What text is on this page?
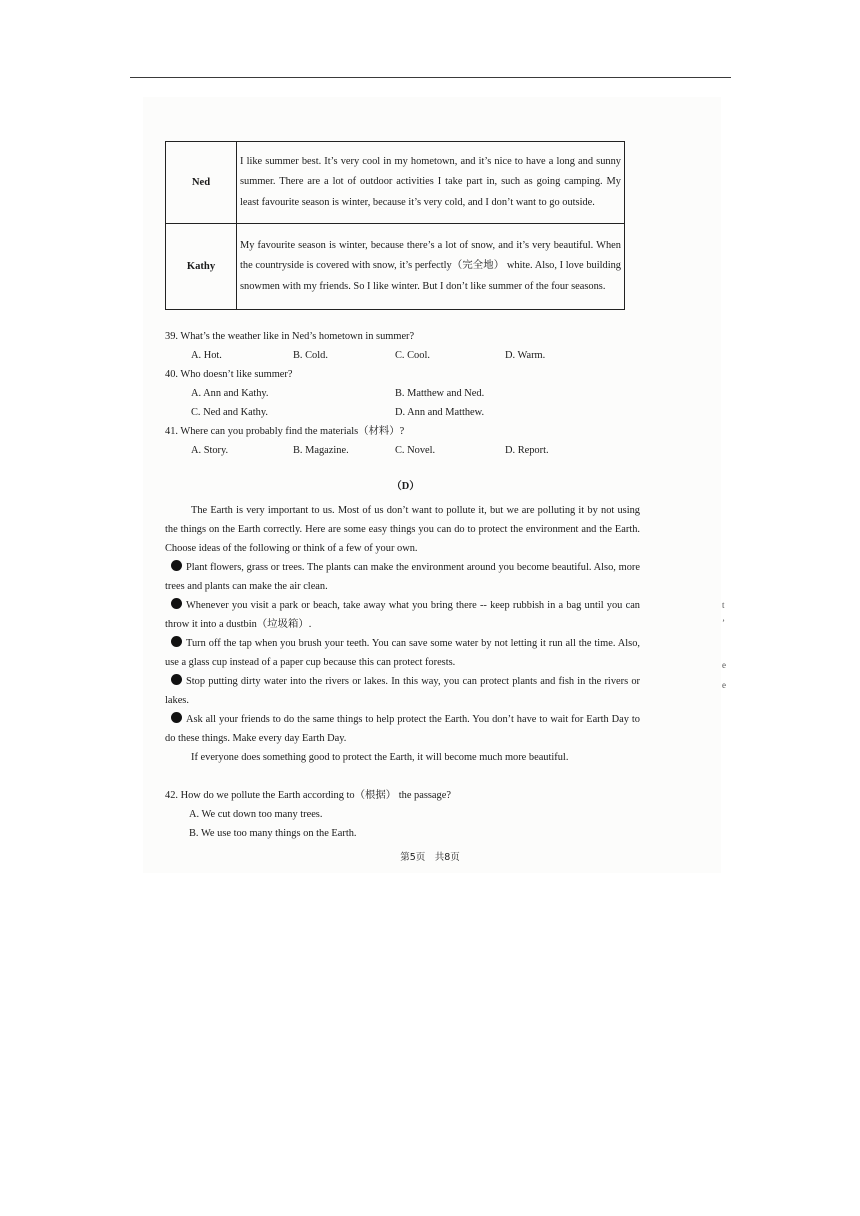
Ned	I like summer best. It’s very cool in my hometown, and it’s nice to have a long and sunny summer. There are a lot of outdoor activities I take part in, such as going camping. My least favourite season is winter, because it’s very cold, and I don’t want to go outside.
Kathy	My favourite season is winter, because there’s a lot of snow, and it’s very beautiful. When the countryside is covered with snow, it’s perfectly（完全地） white. Also, I love building snowmen with my friends. So I like winter. But I don’t like summer of the four seasons.

39. What’s the weather like in Ned’s hometown in summer?

A. Hot.	B. Cold.	C. Cool.	D. Warm.

40. Who doesn’t like summer?

A. Ann and Kathy.	B. Matthew and Ned.
C. Ned and Kathy.	D. Ann and Matthew.

41. Where can you probably find the materials（材料）?

A. Story.	B. Magazine.	C. Novel.	D. Report.
（D）

The Earth is very important to us. Most of us don’t want to pollute it, but we are polluting it by not using the things on the Earth correctly. Here are some easy things you can do to protect the environment and the Earth. Choose ideas of the following or think of a few of your own.

Plant flowers, grass or trees. The plants can make the environment around you become beautiful. Also, more trees and plants can make the air clean.

Whenever you visit a park or beach, take away what you bring there -- keep rubbish in a bag until you can throw it into a dustbin（垃圾箱）.

Turn off the tap when you brush your teeth. You can save some water by not letting it run all the time. Also, use a glass cup instead of a paper cup because this can protect forests.

Stop putting dirty water into the rivers or lakes. In this way, you can protect plants and fish in the rivers or lakes.

Ask all your friends to do the same things to help protect the Earth. You don’t have to wait for Earth Day to do these things. Make every day Earth Day.

If everyone does something good to protect the Earth, it will become much more beautiful.

42. How do we pollute the Earth according to（根据） the passage?

A. We cut down too many trees.

B. We use too many things on the Earth.

第5页　共8页
t
’
e
e
